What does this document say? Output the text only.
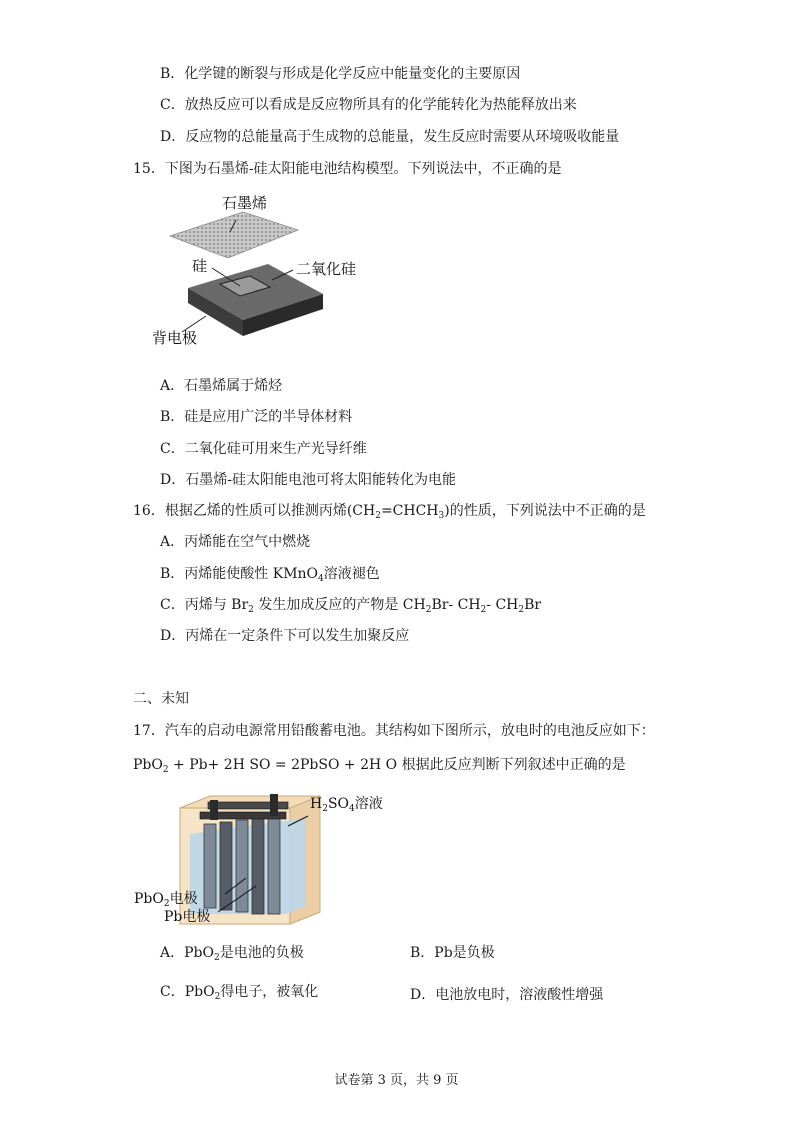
B．化学键的断裂与形成是化学反应中能量变化的主要原因
C．放热反应可以看成是反应物所具有的化学能转化为热能释放出来
D．反应物的总能量高于生成物的总能量，发生反应时需要从环境吸收能量
15．下图为石墨烯-硅太阳能电池结构模型。下列说法中，不正确的是
石墨烯
硅	二氧化硅
背电极
A．石墨烯属于烯烃
B．硅是应用广泛的半导体材料
C．二氧化硅可用来生产光导纤维
D．石墨烯-硅太阳能电池可将太阳能转化为电能
16．根据乙烯的性质可以推测丙烯$(CH_2=CHCH_3)$的性质，下列说法中不正确的是
A．丙烯能在空气中燃烧
B．丙烯能使酸性 KMnO$_4$溶液褪色
C．丙烯与 $Br_2$ 发生加成反应的产物是 $CH_2Br-$ $CH_2-$ $CH_2Br$
D．丙烯在一定条件下可以发生加聚反应
二、未知
17．汽车的启动电源常用铅酸蓄电池。其结构如下图所示，放电时的电池反应如下：
PbO$_2$ + Pb+ 2H SO = 2PbSO + 2H O 根据此反应判断下列叙述中正确的是
$H_2SO_4$溶液
PbO$_2$电极
Pb电极
A．PbO$_2$是电池的负极	B．Pb是负极
C．PbO$_2$得电子，被氧化	D．电池放电时，溶液酸性增强
试卷第 3 页，共 9 页
